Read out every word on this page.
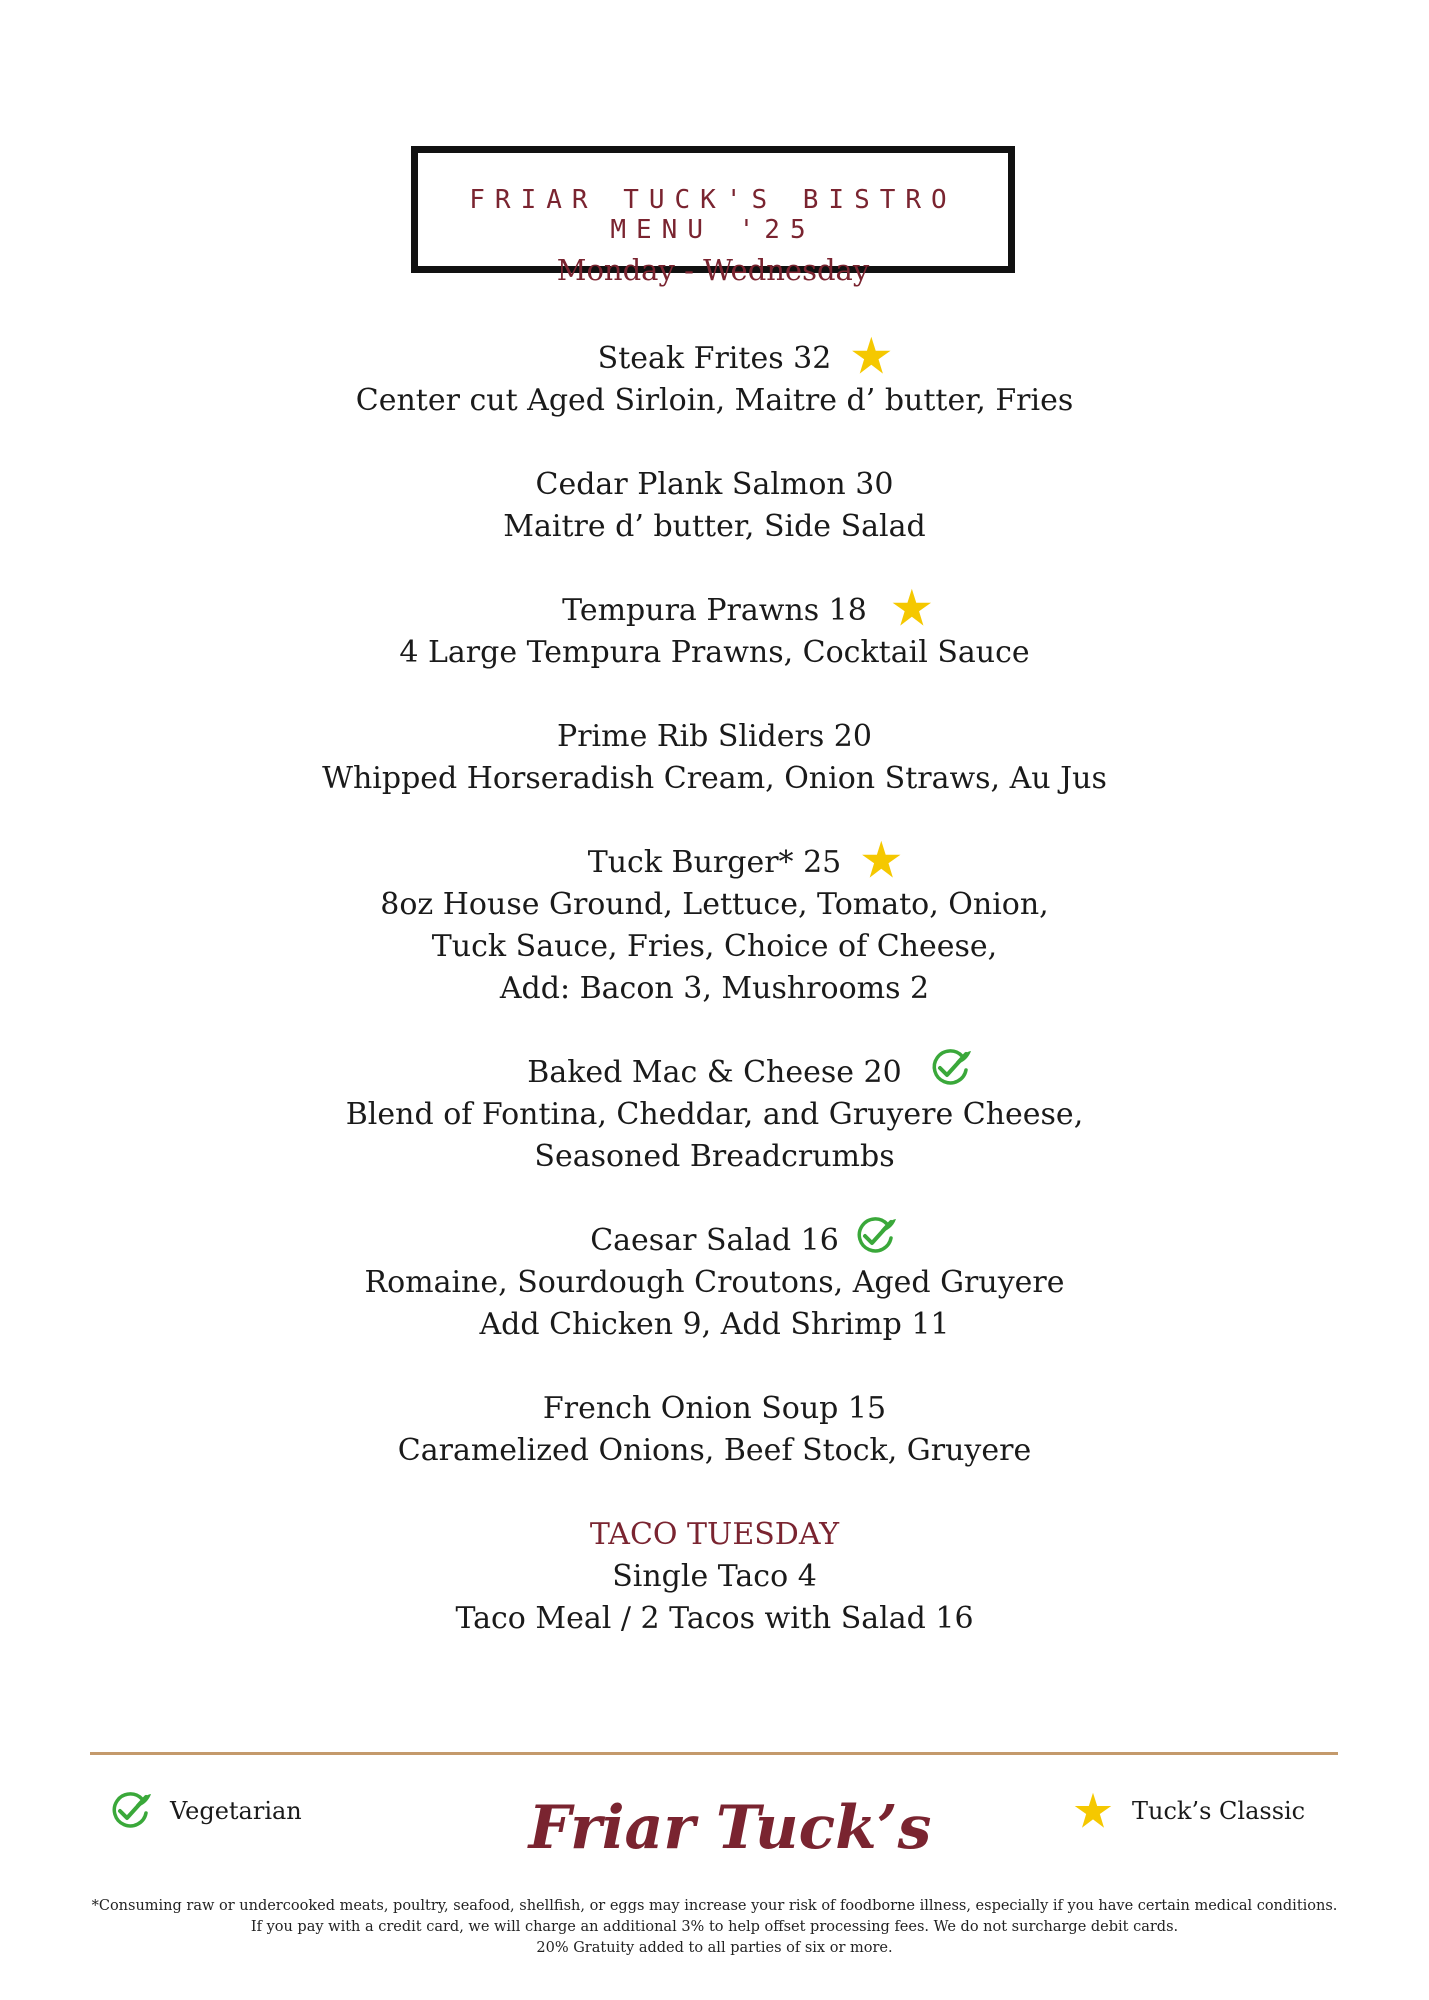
FRIAR TUCK'S BISTRO MENU '25
Monday - Wednesday
Steak Frites 32
Center cut Aged Sirloin, Maitre d’ butter, Fries
Cedar Plank Salmon 30
Maitre d’ butter, Side Salad
Tempura Prawns 18
4 Large Tempura Prawns, Cocktail Sauce
Prime Rib Sliders 20
Whipped Horseradish Cream, Onion Straws, Au Jus
Tuck Burger* 25
8oz House Ground, Lettuce, Tomato, Onion,
Tuck Sauce, Fries, Choice of Cheese,
Add: Bacon 3, Mushrooms 2
Baked Mac & Cheese 20
Blend of Fontina, Cheddar, and Gruyere Cheese,
Seasoned Breadcrumbs
Caesar Salad 16
Romaine, Sourdough Croutons, Aged Gruyere
Add Chicken 9, Add Shrimp 11
French Onion Soup 15
Caramelized Onions, Beef Stock, Gruyere
TACO TUESDAY
Single Taco 4
Taco Meal / 2 Tacos with Salad 16
Vegetarian	Friar Tuck’s	Tuck’s Classic
*Consuming raw or undercooked meats, poultry, seafood, shellfish, or eggs may increase your risk of foodborne illness, especially if you have certain medical conditions.
If you pay with a credit card, we will charge an additional 3% to help offset processing fees. We do not surcharge debit cards.
20% Gratuity added to all parties of six or more.
